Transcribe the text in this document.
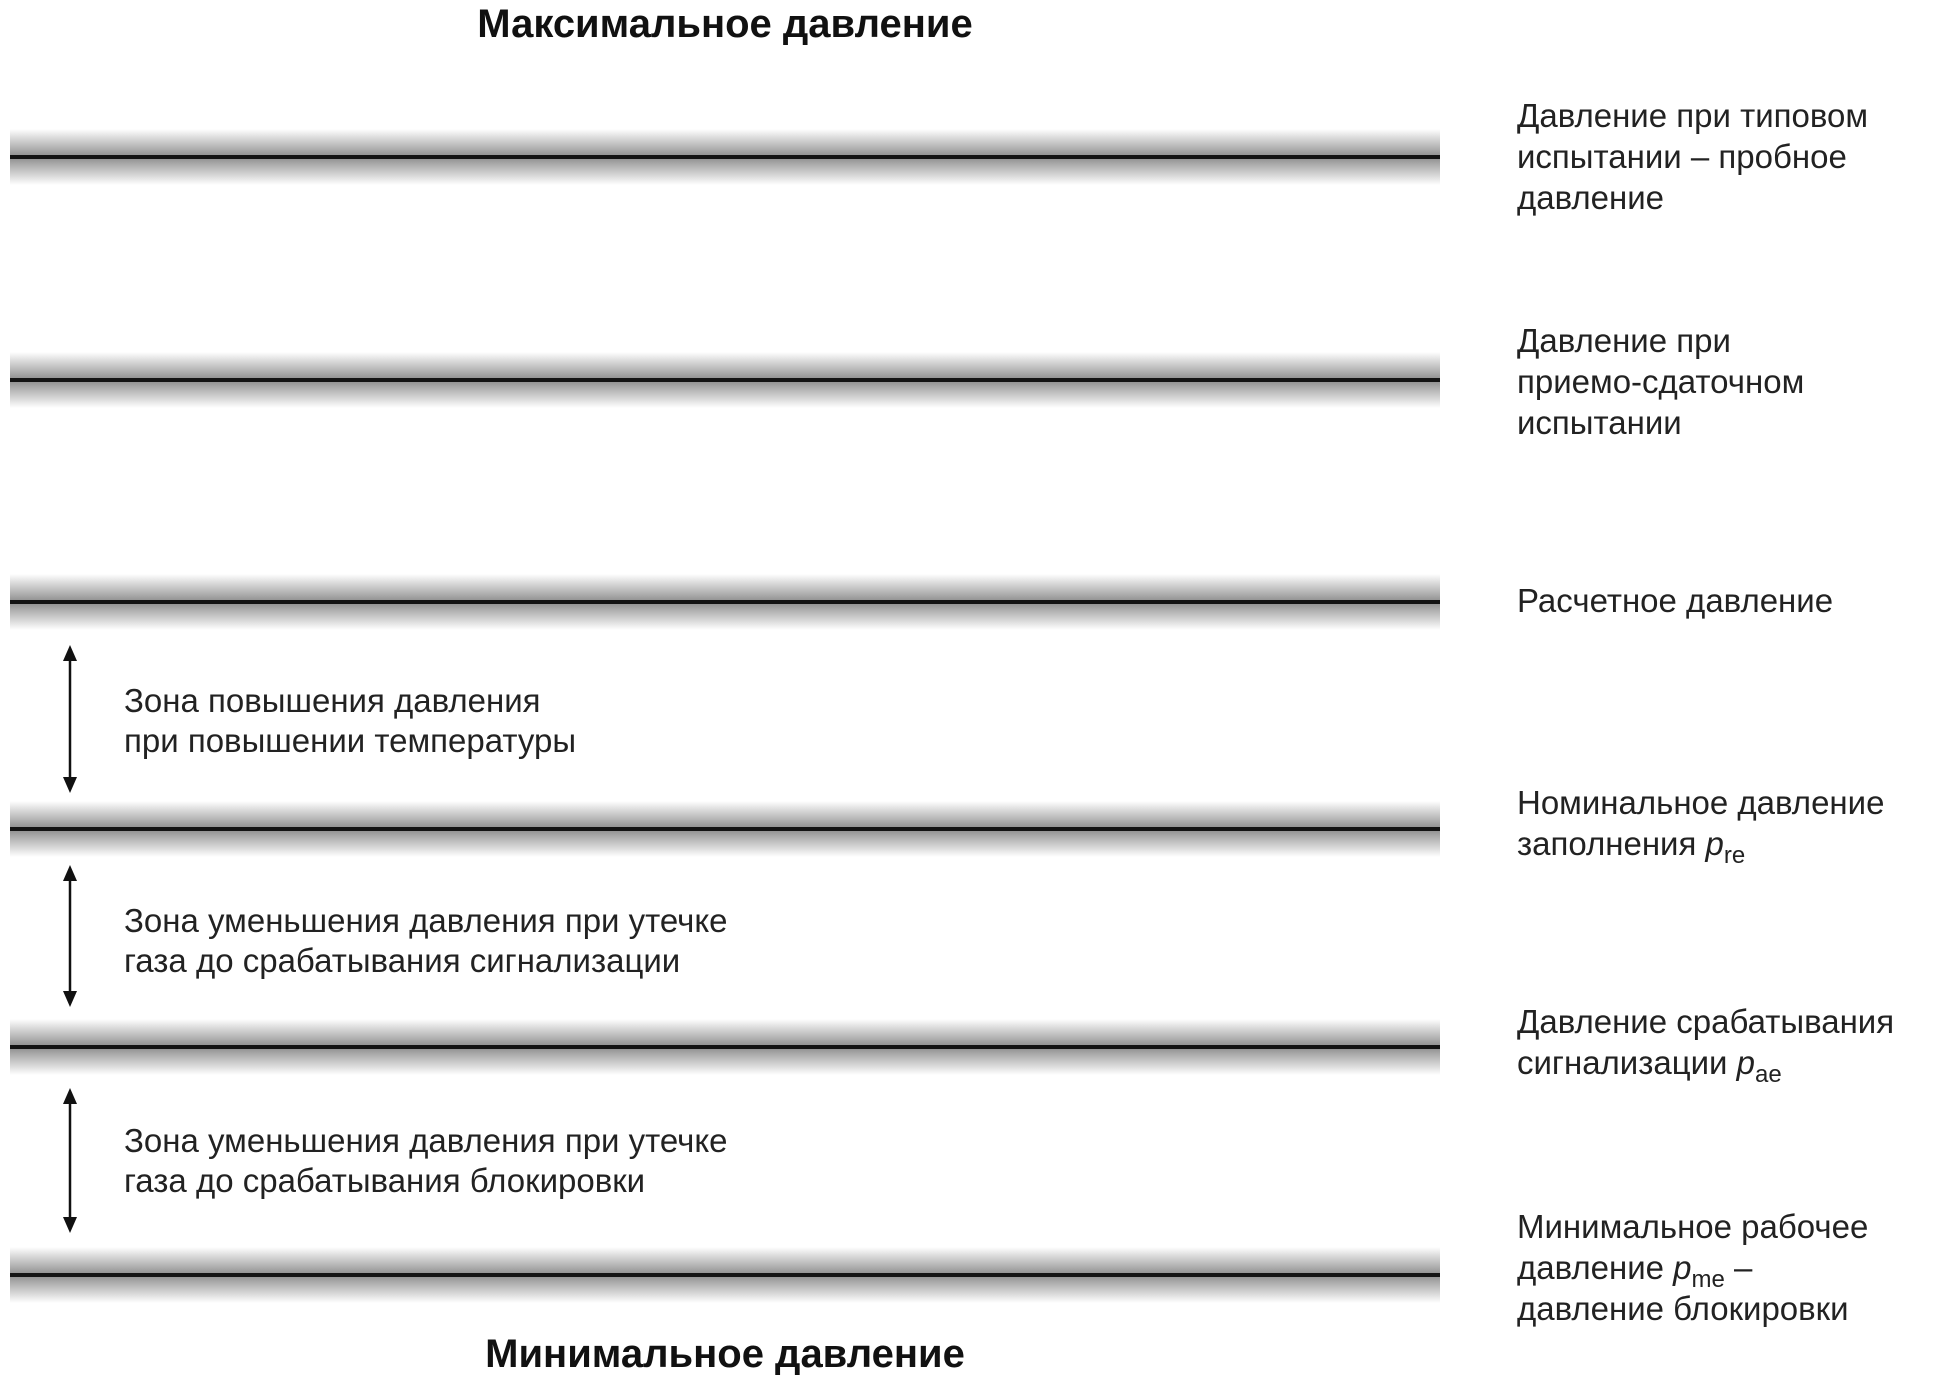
Максимальное давление
Давление при типовом
испытании – пробное
давление
Давление при
приемо-сдаточном
испытании
Расчетное давление
Номинальное давление
заполнения $p_{re}$
Давление срабатывания
сигнализации $p_{ae}$
Минимальное рабочее
давление $p_{me}$ –
давление блокировки
Зона повышения давления
при повышении температуры
Зона уменьшения давления при утечке
газа до срабатывания сигнализации
Зона уменьшения давления при утечке
газа до срабатывания блокировки
Минимальное давление
